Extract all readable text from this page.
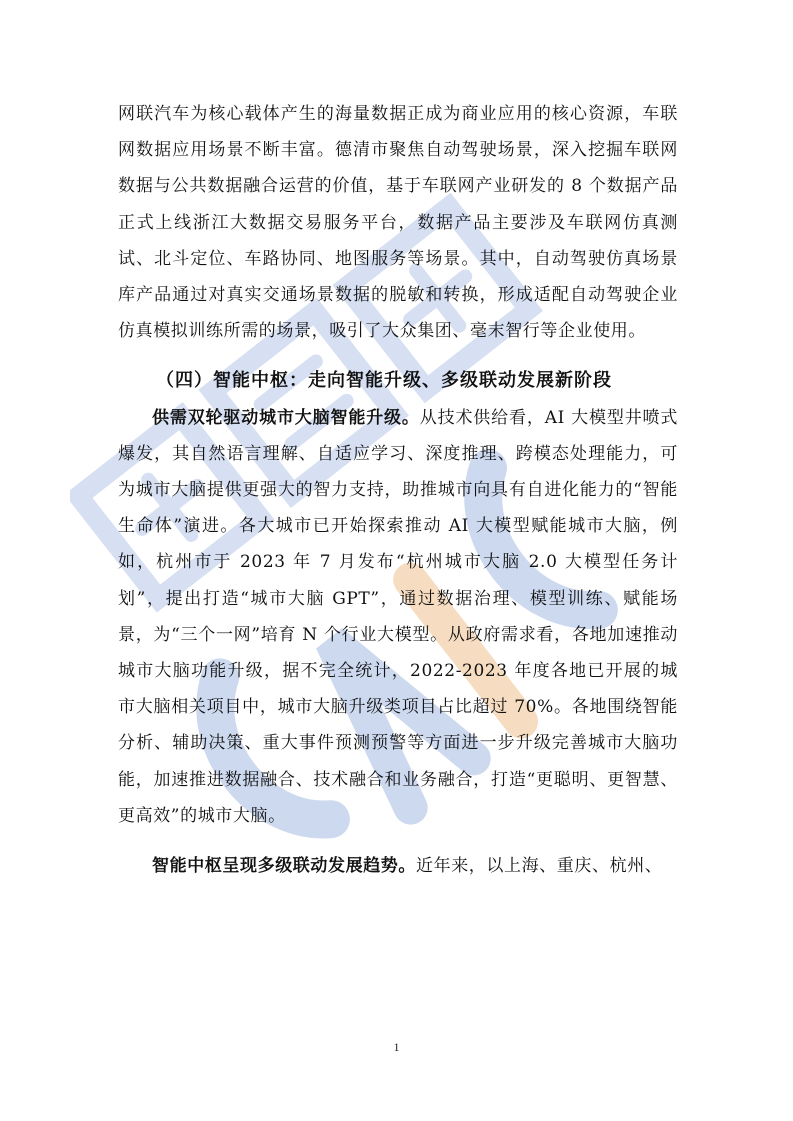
网联汽车为核心载体产生的海量数据正成为商业应用的核心资源，车联网数据应用场景不断丰富。德清市聚焦自动驾驶场景，深入挖掘车联网数据与公共数据融合运营的价值，基于车联网产业研发的 8 个数据产品正式上线浙江大数据交易服务平台，数据产品主要涉及车联网仿真测试、北斗定位、车路协同、地图服务等场景。其中，自动驾驶仿真场景库产品通过对真实交通场景数据的脱敏和转换，形成适配自动驾驶企业仿真模拟训练所需的场景，吸引了大众集团、毫末智行等企业使用。

（四）智能中枢：走向智能升级、多级联动发展新阶段

供需双轮驱动城市大脑智能升级。从技术供给看，AI 大模型井喷式爆发，其自然语言理解、自适应学习、深度推理、跨模态处理能力，可为城市大脑提供更强大的智力支持，助推城市向具有自进化能力的“智能生命体”演进。各大城市已开始探索推动 AI 大模型赋能城市大脑，例如，杭州市于 2023 年 7 月发布“杭州城市大脑 2.0 大模型任务计划”，提出打造“城市大脑 GPT”，通过数据治理、模型训练、赋能场景，为“三个一网”培育 N 个行业大模型。从政府需求看，各地加速推动城市大脑功能升级，据不完全统计，2022-2023 年度各地已开展的城市大脑相关项目中，城市大脑升级类项目占比超过 70%。各地围绕智能分析、辅助决策、重大事件预测预警等方面进一步升级完善城市大脑功能，加速推进数据融合、技术融合和业务融合，打造“更聪明、更智慧、更高效”的城市大脑。

智能中枢呈现多级联动发展趋势。近年来，以上海、重庆、杭州、

1
